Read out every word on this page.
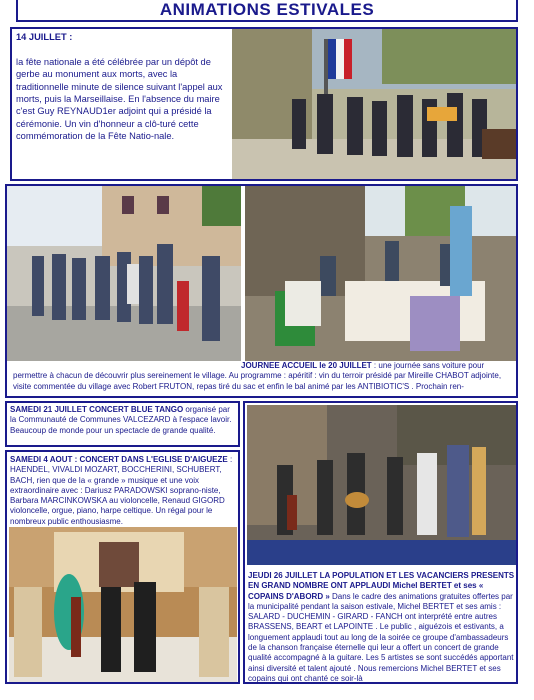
ANIMATIONS ESTIVALES
14 JUILLET :

la fête nationale a été célébrée par un dépôt de gerbe au monument aux morts, avec la traditionnelle minute de silence suivant l'appel aux morts, puis la Marseillaise. En l'absence du maire c'est Guy REYNAUD1er adjoint qui a présidé la cérémonie. Un vin d'honneur a clô-turé cette commémoration de la Fête Natio-nale.
JOURNEE ACCUEIL le 20 JUILLET : une journée sans voiture pour
permettre à chacun de découvrir plus sereinement le village. Au programme : apéritif : vin du terroir présidé par Mireille CHABOT adjointe, visite commentée du village avec Robert FRUTON, repas tiré du sac et enfin le bal animé par les ANTIBIOTIC'S . Prochain ren-
SAMEDI 21 JUILLET CONCERT BLUE TANGO organisé par la Communauté de Communes VALCEZARD à l'espace lavoir. Beaucoup de monde pour un spectacle de grande qualité.
SAMEDI 4 AOUT : CONCERT DANS L'EGLISE D'AIGUEZE : HAENDEL, VIVALDI MOZART, BOCCHERINI, SCHUBERT, BACH, rien que de la « grande » musique et une voix extraordinaire avec : Dariusz PARADOWSKI soprano-niste, Barbara MARCINKOWSKA au violoncelle, Renaud GIGORD violoncelle, orgue, piano, harpe celtique. Un régal pour le nombreux public enthousiasme.
JEUDI 26 JUILLET LA POPULATION ET LES VACANCIERS PRESENTS EN GRAND NOMBRE ONT APPLAUDI Michel BERTET et ses « COPAINS D'ABORD » Dans le cadre des animations gratuites offertes par la municipalité pendant la saison estivale, Michel BERTET et ses amis : SALARD - DUCHEMIN - GIRARD - FANCH ont interprété entre autres BRASSENS, BEART et LAPOINTE . Le public , aiguézois et estivants, a longuement applaudi tout au long de la soirée ce groupe d'ambassadeurs de la chanson française éternelle qui leur a offert un concert de grande qualité accompagné à la guitare. Les 5 artistes se sont succédés apportant ainsi diversité et talent ajouté . Nous remercions Michel BERTET et ses copains qui ont chanté ce soir-là
